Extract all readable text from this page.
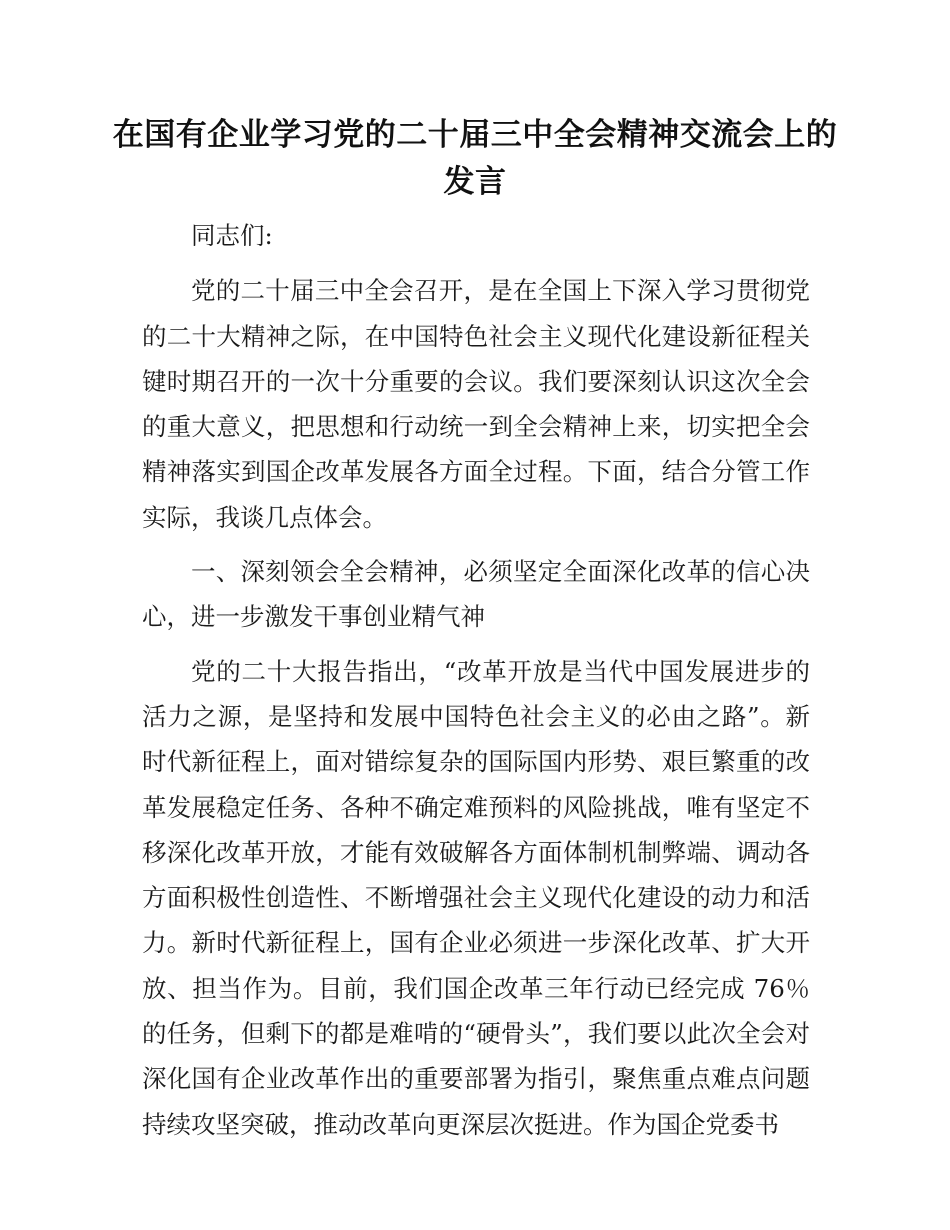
在国有企业学习党的二十届三中全会精神交流会上的发言

同志们:

党的二十届三中全会召开，是在全国上下深入学习贯彻党的二十大精神之际，在中国特色社会主义现代化建设新征程关键时期召开的一次十分重要的会议。我们要深刻认识这次全会的重大意义，把思想和行动统一到全会精神上来，切实把全会精神落实到国企改革发展各方面全过程。下面，结合分管工作实际，我谈几点体会。

一、深刻领会全会精神，必须坚定全面深化改革的信心决心，进一步激发干事创业精气神

党的二十大报告指出，“改革开放是当代中国发展进步的活力之源，是坚持和发展中国特色社会主义的必由之路”。新时代新征程上，面对错综复杂的国际国内形势、艰巨繁重的改革发展稳定任务、各种不确定难预料的风险挑战，唯有坚定不移深化改革开放，才能有效破解各方面体制机制弊端、调动各方面积极性创造性、不断增强社会主义现代化建设的动力和活力。新时代新征程上，国有企业必须进一步深化改革、扩大开放、担当作为。目前，我们国企改革三年行动已经完成 76％的任务，但剩下的都是难啃的“硬骨头”，我们要以此次全会对深化国有企业改革作出的重要部署为指引，聚焦重点难点问题持续攻坚突破，推动改革向更深层次挺进。作为国企党委书
